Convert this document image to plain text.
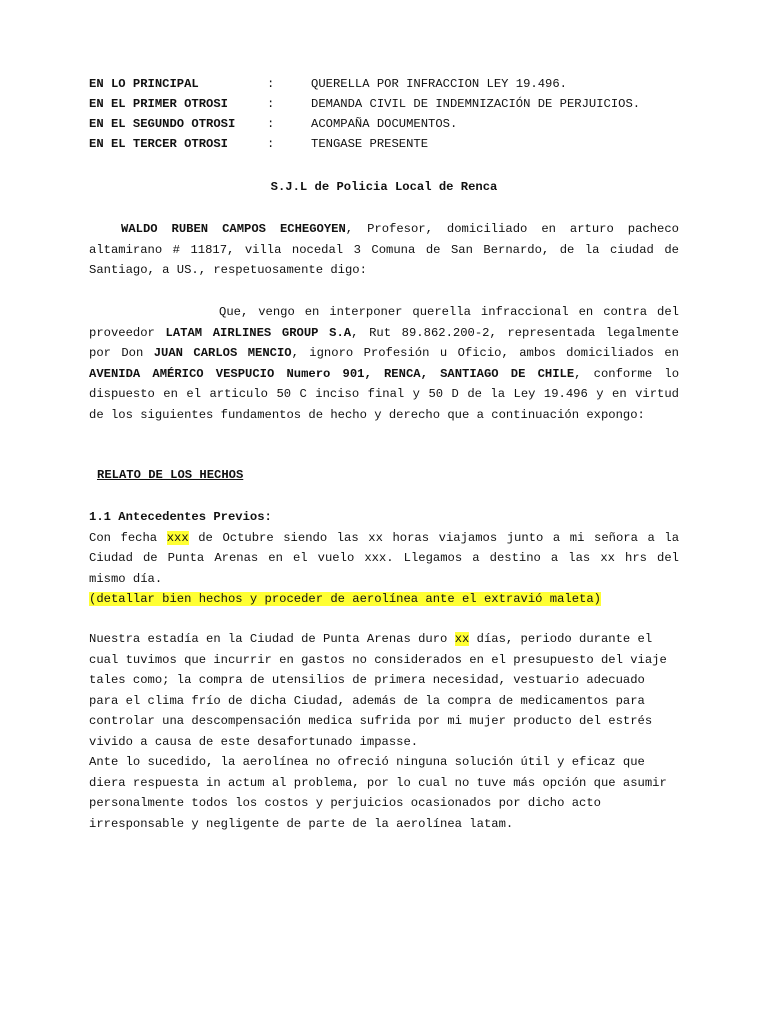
EN LO PRINCIPAL	:	QUERELLA POR INFRACCION LEY 19.496.
EN EL PRIMER OTROSI	:	DEMANDA CIVIL DE INDEMNIZACIÓN DE PERJUICIOS.
EN EL SEGUNDO OTROSI	:	ACOMPAÑA DOCUMENTOS.
EN EL TERCER OTROSI	:	TENGASE PRESENTE
S.J.L de Policia Local de Renca

WALDO RUBEN CAMPOS ECHEGOYEN, Profesor, domiciliado en arturo pacheco altamirano # 11817, villa nocedal 3 Comuna de San Bernardo, de la ciudad de Santiago, a US., respetuosamente digo:

Que, vengo en interponer querella infraccional en contra del proveedor LATAM AIRLINES GROUP S.A, Rut 89.862.200-2, representada legalmente por Don JUAN CARLOS MENCIO, ignoro Profesión u Oficio, ambos domiciliados en AVENIDA AMÉRICO VESPUCIO Numero 901, RENCA, SANTIAGO DE CHILE, conforme lo dispuesto en el articulo 50 C inciso final y 50 D de la Ley 19.496 y en virtud de los siguientes fundamentos de hecho y derecho que a continuación expongo:

RELATO DE LOS HECHOS
1.1 Antecedentes Previos:

Con fecha xxx de Octubre siendo las xx horas viajamos junto a mi señora a la Ciudad de Punta Arenas en el vuelo xxx. Llegamos a destino a las xx hrs del mismo día.

(detallar bien hechos y proceder de aerolínea ante el extravió maleta)

Nuestra estadía en la Ciudad de Punta Arenas duro xx días, periodo durante el cual tuvimos que incurrir en gastos no considerados en el presupuesto del viaje tales como; la compra de utensilios de primera necesidad, vestuario adecuado para el clima frío de dicha Ciudad, además de la compra de medicamentos para controlar una descompensación medica sufrida por mi mujer producto del estrés vivido a causa de este desafortunado impasse.

Ante lo sucedido, la aerolínea no ofreció ninguna solución útil y eficaz que diera respuesta in actum al problema, por lo cual no tuve más opción que asumir personalmente todos los costos y perjuicios ocasionados por dicho acto irresponsable y negligente de parte de la aerolínea latam.
